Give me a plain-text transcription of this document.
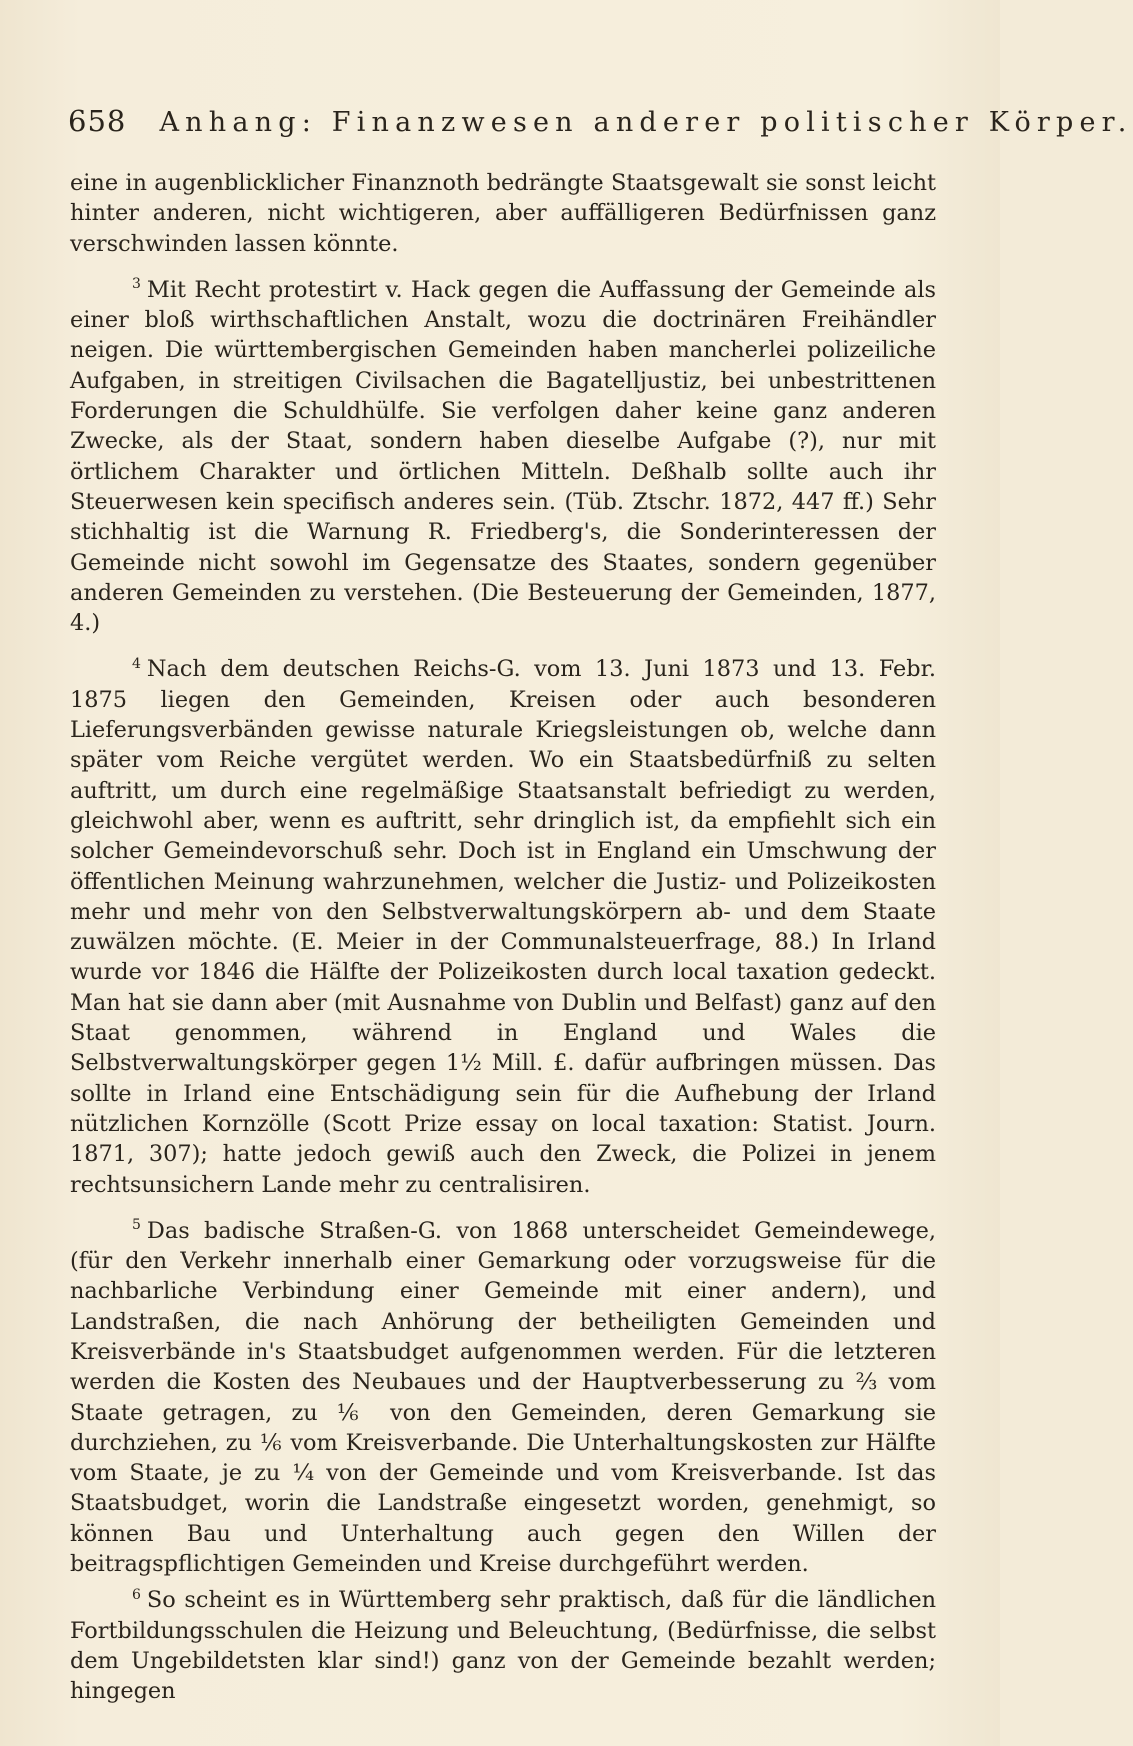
658 Anhang: Finanzwesen anderer politischer Körper.

eine in augenblicklicher Finanznoth bedrängte Staatsgewalt sie sonst leicht hinter anderen, nicht wichtigeren, aber auffälligeren Bedürfnissen ganz verschwinden lassen könnte.

$^3$ Mit Recht protestirt v. Hack gegen die Auffassung der Gemeinde als einer bloß wirthschaftlichen Anstalt, wozu die doctrinären Freihändler neigen. Die württembergischen Gemeinden haben mancherlei polizeiliche Aufgaben, in streitigen Civilsachen die Bagatelljustiz, bei unbestrittenen Forderungen die Schuldhülfe. Sie verfolgen daher keine ganz anderen Zwecke, als der Staat, sondern haben dieselbe Aufgabe (?), nur mit örtlichem Charakter und örtlichen Mitteln. Deßhalb sollte auch ihr Steuerwesen kein specifisch anderes sein. (Tüb. Ztschr. 1872, 447 ff.) Sehr stichhaltig ist die Warnung R. Friedberg's, die Sonderinteressen der Gemeinde nicht sowohl im Gegensatze des Staates, sondern gegenüber anderen Gemeinden zu verstehen. (Die Besteuerung der Gemeinden, 1877, 4.)

$^4$ Nach dem deutschen Reichs-G. vom 13. Juni 1873 und 13. Febr. 1875 liegen den Gemeinden, Kreisen oder auch besonderen Lieferungsverbänden gewisse naturale Kriegsleistungen ob, welche dann später vom Reiche vergütet werden. Wo ein Staatsbedürfniß zu selten auftritt, um durch eine regelmäßige Staatsanstalt befriedigt zu werden, gleichwohl aber, wenn es auftritt, sehr dringlich ist, da empfiehlt sich ein solcher Gemeindevorschuß sehr. Doch ist in England ein Umschwung der öffentlichen Meinung wahrzunehmen, welcher die Justiz- und Polizeikosten mehr und mehr von den Selbstverwaltungskörpern ab- und dem Staate zuwälzen möchte. (E. Meier in der Communalsteuerfrage, 88.) In Irland wurde vor 1846 die Hälfte der Polizeikosten durch local taxation gedeckt. Man hat sie dann aber (mit Ausnahme von Dublin und Belfast) ganz auf den Staat genommen, während in England und Wales die Selbstverwaltungskörper gegen 1½ Mill. £. dafür aufbringen müssen. Das sollte in Irland eine Entschädigung sein für die Aufhebung der Irland nützlichen Kornzölle (Scott Prize essay on local taxation: Statist. Journ. 1871, 307); hatte jedoch gewiß auch den Zweck, die Polizei in jenem rechtsunsichern Lande mehr zu centralisiren.

$^5$ Das badische Straßen-G. von 1868 unterscheidet Gemeindewege, (für den Verkehr innerhalb einer Gemarkung oder vorzugsweise für die nachbarliche Verbindung einer Gemeinde mit einer andern), und Landstraßen, die nach Anhörung der betheiligten Gemeinden und Kreisverbände in's Staatsbudget aufgenommen werden. Für die letzteren werden die Kosten des Neubaues und der Hauptverbesserung zu ⅔ vom Staate getragen, zu ⅙ von den Gemeinden, deren Gemarkung sie durchziehen, zu ⅙ vom Kreisverbande. Die Unterhaltungskosten zur Hälfte vom Staate, je zu ¼ von der Gemeinde und vom Kreisverbande. Ist das Staatsbudget, worin die Landstraße eingesetzt worden, genehmigt, so können Bau und Unterhaltung auch gegen den Willen der beitragspflichtigen Gemeinden und Kreise durchgeführt werden.

$^6$ So scheint es in Württemberg sehr praktisch, daß für die ländlichen Fortbildungsschulen die Heizung und Beleuchtung, (Bedürfnisse, die selbst dem Ungebildetsten klar sind!) ganz von der Gemeinde bezahlt werden; hingegen
